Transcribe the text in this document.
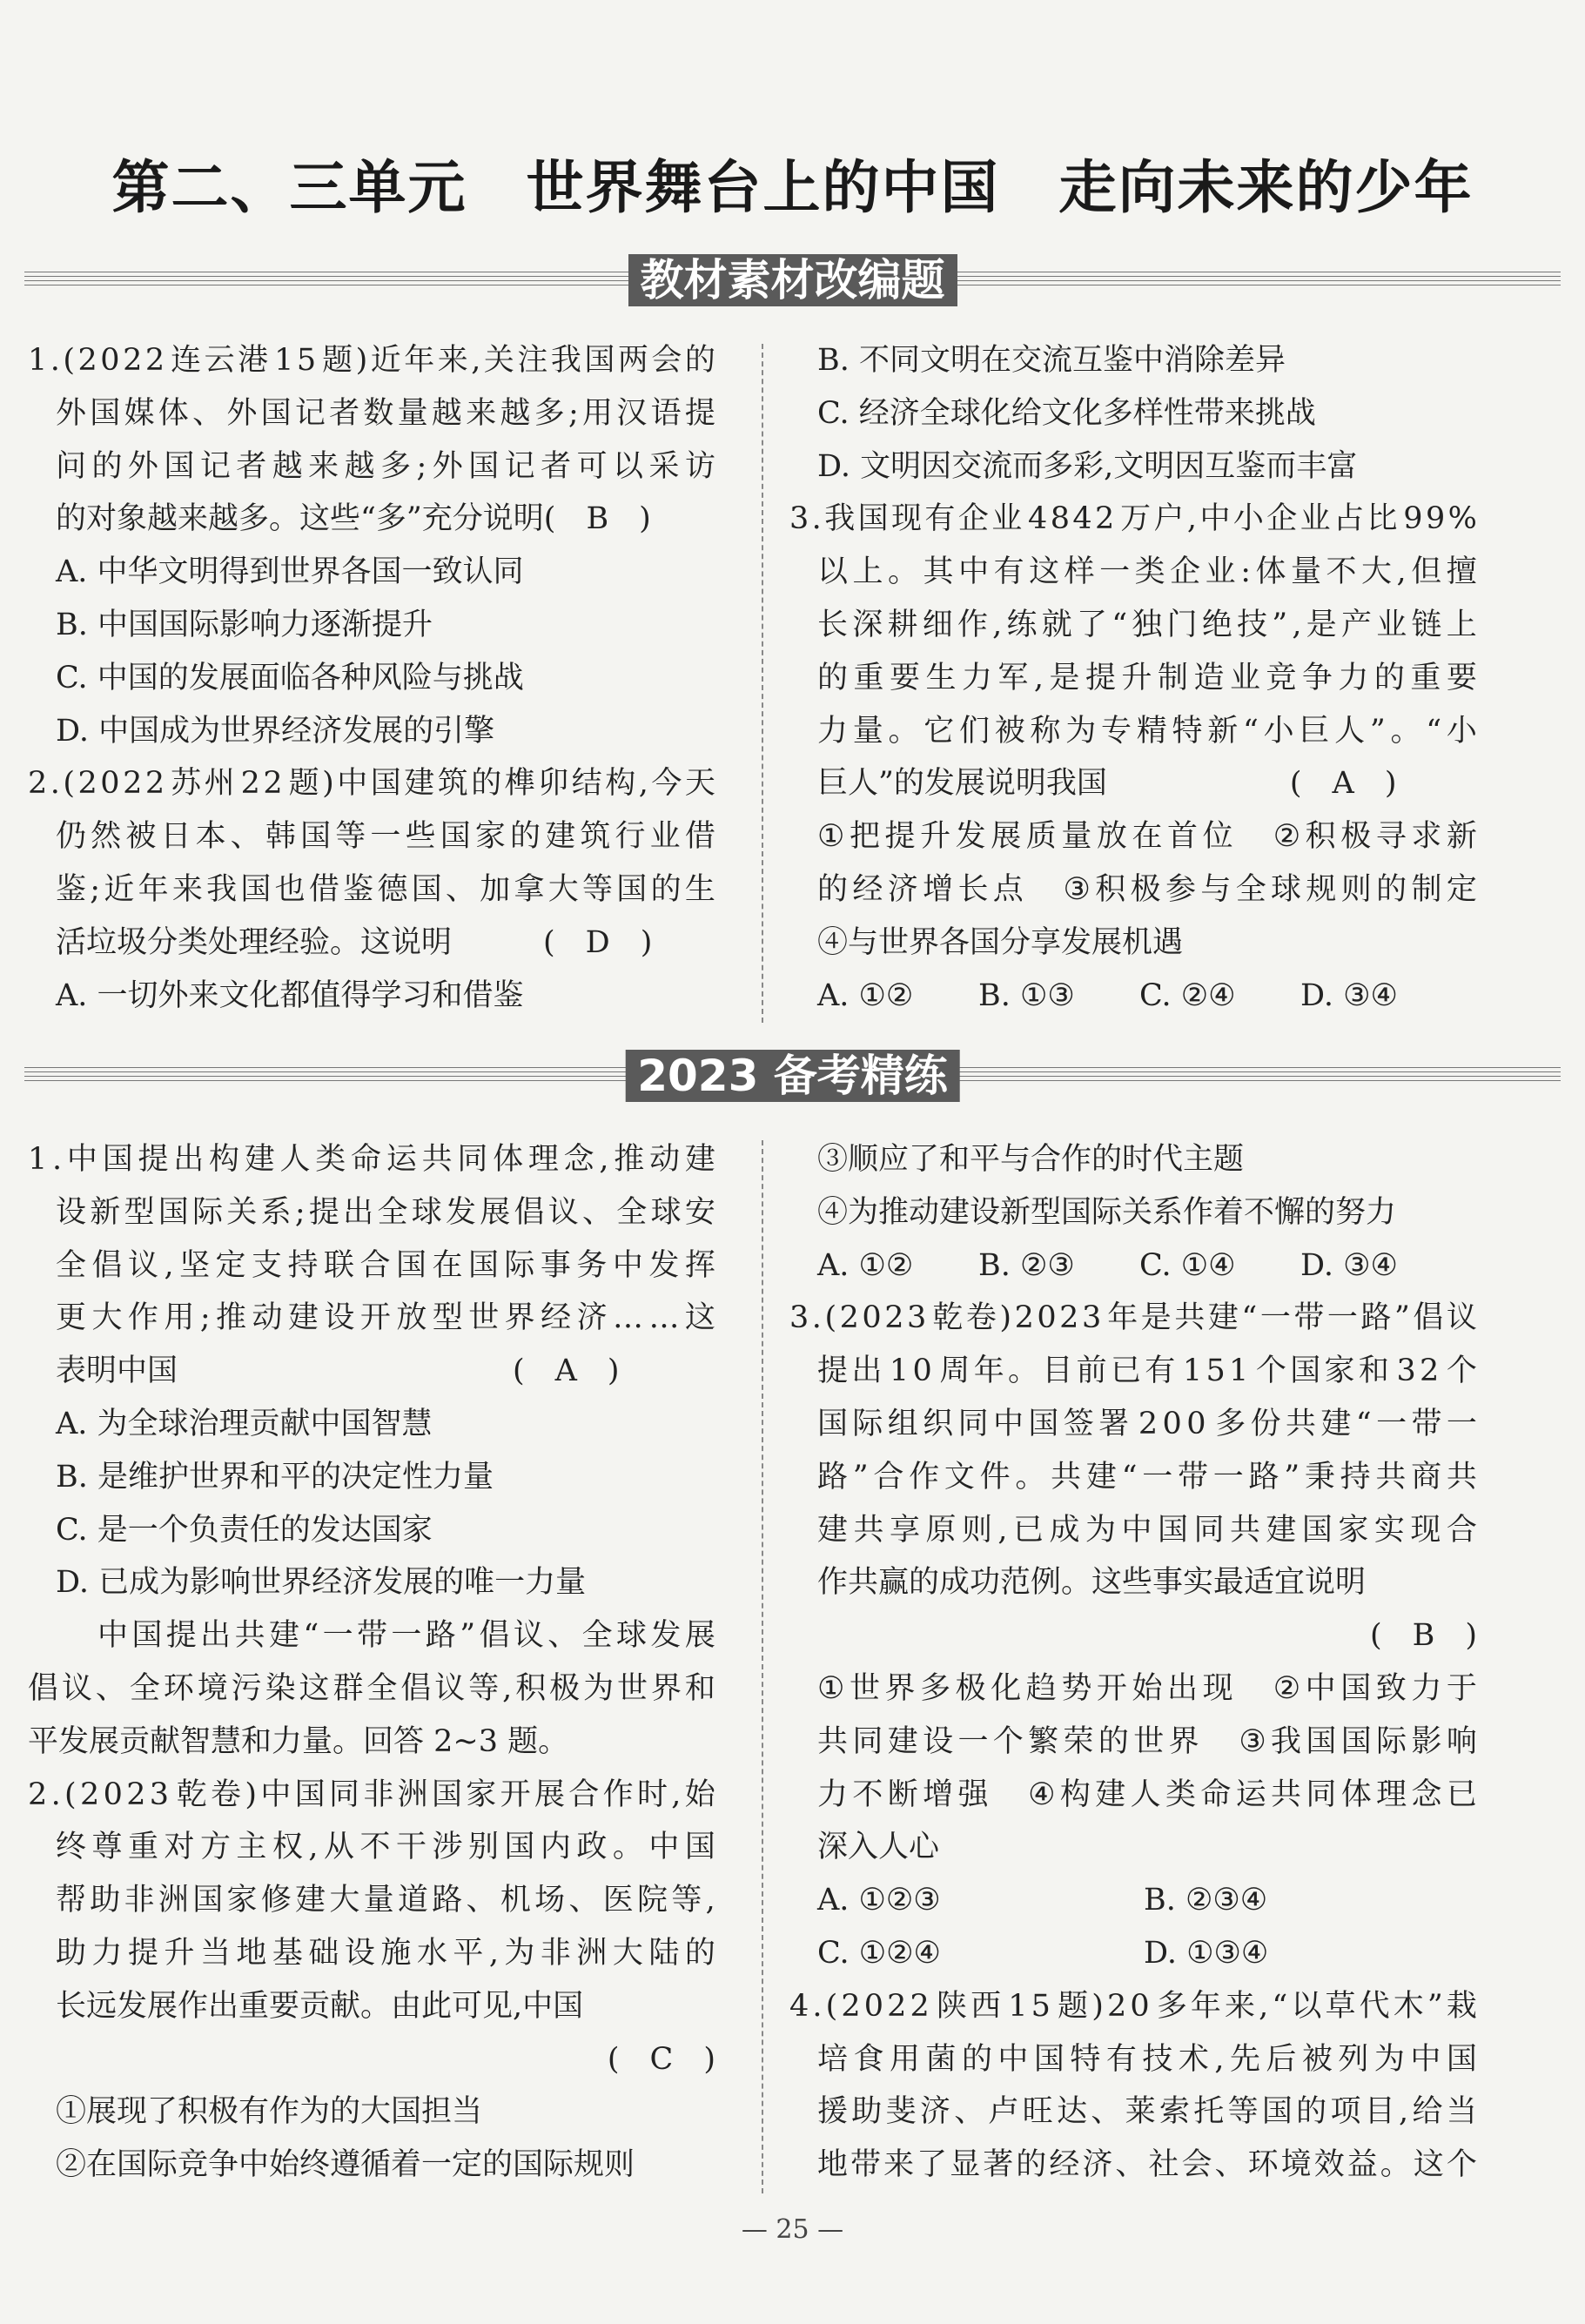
第二、三单元　世界舞台上的中国　走向未来的少年
教材素材改编题
1 . ( 2 0 2 2 连 云 港 1 5 题 ) 近 年 来 , 关 注 我 国 两 会 的
外 国 媒 体 、 外 国 记 者 数 量 越 来 越 多 ; 用 汉 语 提
问 的 外 国 记 者 越 来 越 多 ; 外 国 记 者 可 以 采 访
的对象越来越多。这些“多”充分说明(　B　)
A. 中华文明得到世界各国一致认同
B. 中国国际影响力逐渐提升
C. 中国的发展面临各种风险与挑战
D. 中国成为世界经济发展的引擎
2 . ( 2 0 2 2 苏 州 2 2 题 ) 中 国 建 筑 的 榫 卯 结 构 , 今 天
仍 然 被 日 本 、 韩 国 等 一 些 国 家 的 建 筑 行 业 借
鉴 ; 近 年 来 我 国 也 借 鉴 德 国 、 加 拿 大 等 国 的 生
活垃圾分类处理经验。这说明　　　(　D　)
A. 一切外来文化都值得学习和借鉴
B. 不同文明在交流互鉴中消除差异
C. 经济全球化给文化多样性带来挑战
D. 文明因交流而多彩,文明因互鉴而丰富
3 . 我 国 现 有 企 业 4 8 4 2 万 户 , 中 小 企 业 占 比 9 9 %
以 上 。 其 中 有 这 样 一 类 企 业 : 体 量 不 大 , 但 擅
长 深 耕 细 作 , 练 就 了 “ 独 门 绝 技 ” , 是 产 业 链 上
的 重 要 生 力 军 , 是 提 升 制 造 业 竞 争 力 的 重 要
力 量 。 它 们 被 称 为 专 精 特 新 “ 小 巨 人 ” 。 “ 小
巨人”的发展说明我国　　　　　　(　A　)
① 把 提 升 发 展 质 量 放 在 首 位
　 ② 积 极 寻 求 新
的 经 济 增 长 点
　 ③ 积 极 参 与 全 球 规 则 的 制 定
④与世界各国分享发展机遇
A. ①② B. ①③ C. ②④ D. ③④
2023 备考精练
1 . 中 国 提 出 构 建 人 类 命 运 共 同 体 理 念 , 推 动 建
设 新 型 国 际 关 系 ; 提 出 全 球 发 展 倡 议 、 全 球 安
全 倡 议 , 坚 定 支 持 联 合 国 在 国 际 事 务 中 发 挥
更 大 作 用 ; 推 动 建 设 开 放 型 世 界 经 济 … … 这
表明中国　　　　　　　　　　　(　A　)
A. 为全球治理贡献中国智慧
B. 是维护世界和平的决定性力量
C. 是一个负责任的发达国家
D. 已成为影响世界经济发展的唯一力量
中 国 提 出 共 建 “ 一 带 一 路 ” 倡 议 、 全 球 发 展
倡 议 、 全 环 境 污 染 这 群 全 倡 议 等 , 积 极 为 世 界 和
平发展贡献智慧和力量。回答 2~3 题。
2 . ( 2 0 2 3 乾 卷 ) 中 国 同 非 洲 国 家 开 展 合 作 时 , 始
终 尊 重 对 方 主 权 , 从 不 干 涉 别 国 内 政 。 中 国
帮 助 非 洲 国 家 修 建 大 量 道 路 、 机 场 、 医 院 等 ,
助 力 提 升 当 地 基 础 设 施 水 平 , 为 非 洲 大 陆 的
长远发展作出重要贡献。由此可见,中国
(　C　)
①展现了积极有作为的大国担当
②在国际竞争中始终遵循着一定的国际规则
③顺应了和平与合作的时代主题
④为推动建设新型国际关系作着不懈的努力
A. ①② B. ②③ C. ①④ D. ③④
3 . ( 2 0 2 3 乾 卷 ) 2 0 2 3 年 是 共 建 “ 一 带 一 路 ” 倡 议
提 出 1 0 周 年 。 目 前 已 有 1 5 1 个 国 家 和 3 2 个
国 际 组 织 同 中 国 签 署 2 0 0 多 份 共 建 “ 一 带 一
路 ” 合 作 文 件 。 共 建 “ 一 带 一 路 ” 秉 持 共 商 共
建 共 享 原 则 , 已 成 为 中 国 同 共 建 国 家 实 现 合
作共赢的成功范例。这些事实最适宜说明
(　B　)
① 世 界 多 极 化 趋 势 开 始 出 现
　 ② 中 国 致 力 于
共 同 建 设 一 个 繁 荣 的 世 界
　 ③ 我 国 国 际 影 响
力 不 断 增 强
　 ④ 构 建 人 类 命 运 共 同 体 理 念 已
深入人心
A. ①②③	B. ②③④
C. ①②④	D. ①③④
4 . ( 2 0 2 2 陕 西 1 5 题 ) 2 0 多 年 来 , “ 以 草 代 木 ” 栽
培 食 用 菌 的 中 国 特 有 技 术 , 先 后 被 列 为 中 国
援 助 斐 济 、 卢 旺 达 、 莱 索 托 等 国 的 项 目 , 给 当
地 带 来 了 显 著 的 经 济 、 社 会 、 环 境 效 益 。 这 个
— 25 —
